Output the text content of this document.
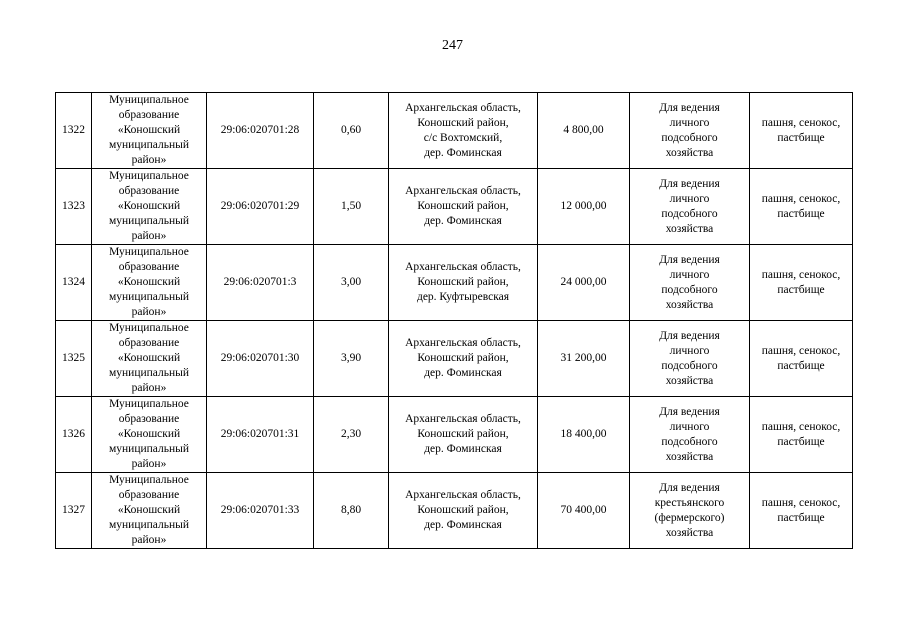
247
1322	Муниципальное
образование
«Коношский
муниципальный
район»	29:06:020701:28	0,60	Архангельская область,
Коношский район,
с/с Вохтомский,
дер. Фоминская	4 800,00	Для ведения
личного
подсобного
хозяйства	пашня, сенокос,
пастбище
1323	Муниципальное
образование
«Коношский
муниципальный
район»	29:06:020701:29	1,50	Архангельская область,
Коношский район,
дер. Фоминская	12 000,00	Для ведения
личного
подсобного
хозяйства	пашня, сенокос,
пастбище
1324	Муниципальное
образование
«Коношский
муниципальный
район»	29:06:020701:3	3,00	Архангельская область,
Коношский район,
дер. Куфтыревская	24 000,00	Для ведения
личного
подсобного
хозяйства	пашня, сенокос,
пастбище
1325	Муниципальное
образование
«Коношский
муниципальный
район»	29:06:020701:30	3,90	Архангельская область,
Коношский район,
дер. Фоминская	31 200,00	Для ведения
личного
подсобного
хозяйства	пашня, сенокос,
пастбище
1326	Муниципальное
образование
«Коношский
муниципальный
район»	29:06:020701:31	2,30	Архангельская область,
Коношский район,
дер. Фоминская	18 400,00	Для ведения
личного
подсобного
хозяйства	пашня, сенокос,
пастбище
1327	Муниципальное
образование
«Коношский
муниципальный
район»	29:06:020701:33	8,80	Архангельская область,
Коношский район,
дер. Фоминская	70 400,00	Для ведения
крестьянского
(фермерского)
хозяйства	пашня, сенокос,
пастбище
